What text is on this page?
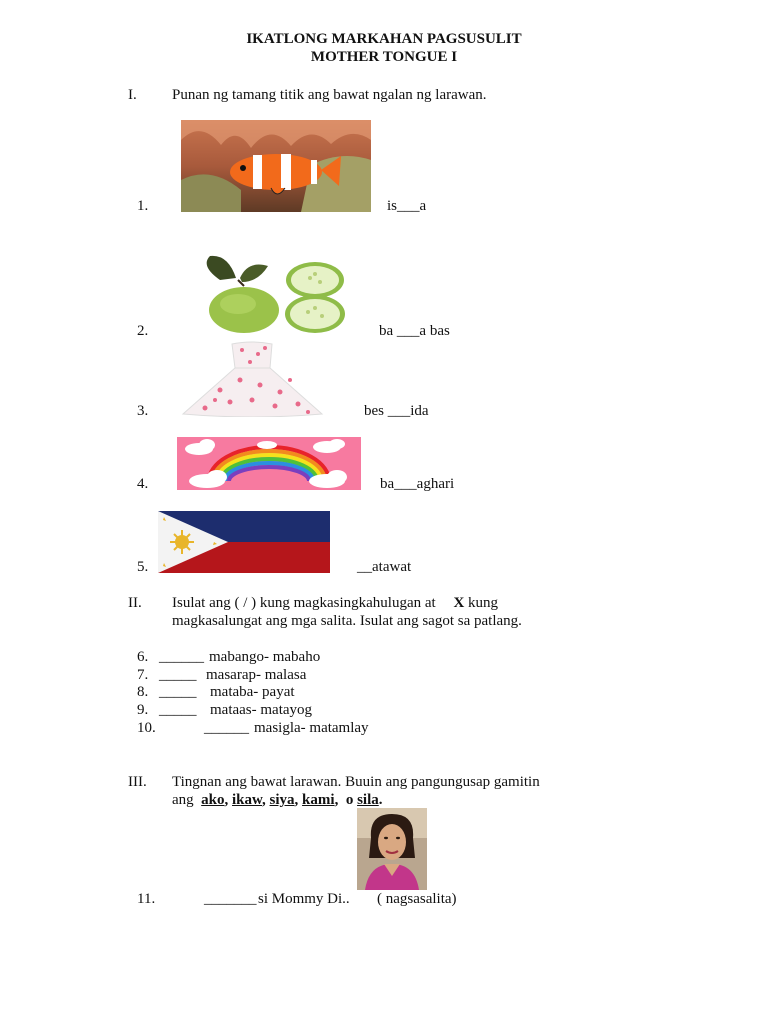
IKATLONG MARKAHAN PAGSUSULIT
MOTHER TONGUE I
I. Punan ng tamang titik ang bawat ngalan ng larawan.
1.	is___a
2.	ba ___a bas
3.	bes ___ida
4.	ba___aghari
5.	__atawat
II. Isulat ang ( / ) kung magkasingkahulugan at X kung
magkasalungat ang mga salita. Isulat ang sagot sa patlang.
6. ______ mabango- mabaho
7. _____ masarap- malasa
8. _____ mataba- payat
9. _____ mataas- matayog
10.	______ masigla- matamlay
III. Tingnan ang bawat larawan. Buuin ang pangungusap gamitin
ang ako, ikaw, siya, kami, o sila.
11.	_______ si Mommy Di.. ( nagsasalita)
